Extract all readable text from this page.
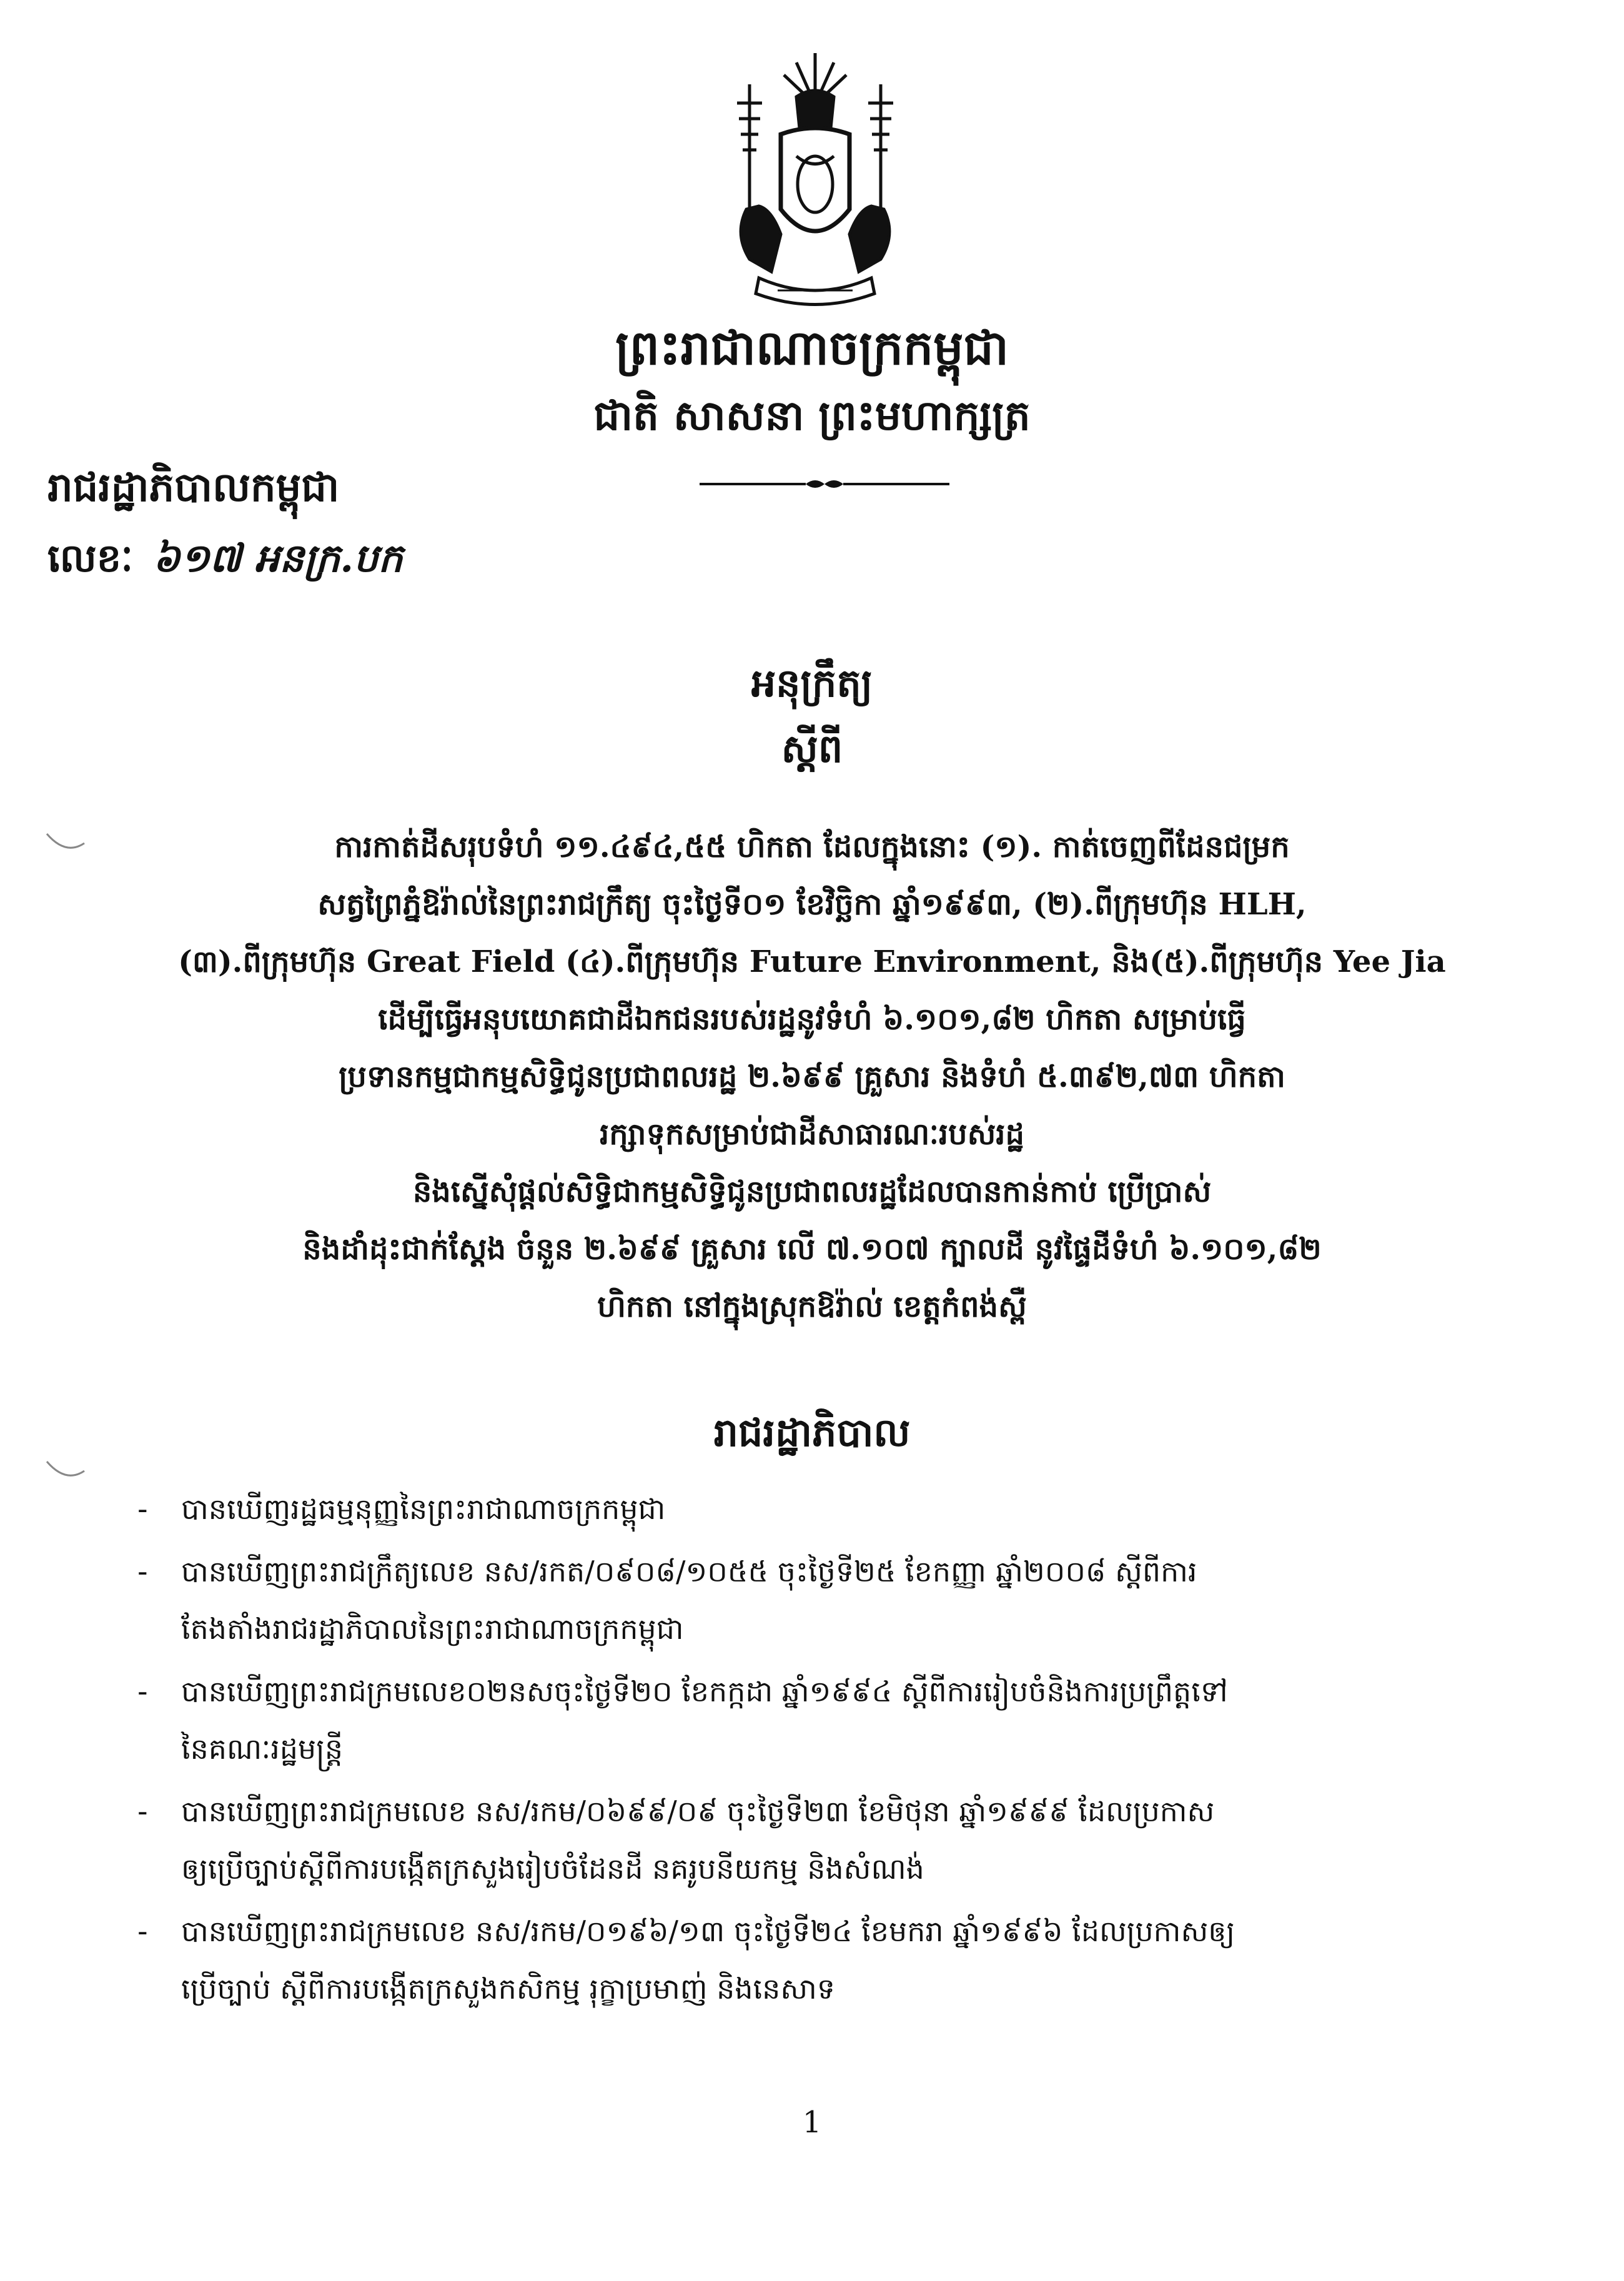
ព្រះរាជាណាចក្រកម្ពុជា
ជាតិ សាសនា ព្រះមហាក្សត្រ
រាជរដ្ឋាភិបាលកម្ពុជា
លេខៈ ៦១៧ អនក្រ.បក
អនុក្រឹត្យ
ស្តីពី
ការកាត់ដីសរុបទំហំ ១១.៤៩៤,៥៥ ហិកតា ដែលក្នុងនោះ (១). កាត់ចេញពីដែនជម្រក
សត្វព្រៃភ្នំឱរ៉ាល់នៃព្រះរាជក្រឹត្យ ចុះថ្ងៃទី០១ ខែវិច្ឆិកា ឆ្នាំ១៩៩៣, (២).ពីក្រុមហ៊ុន HLH,
(៣).ពីក្រុមហ៊ុន Great Field (៤).ពីក្រុមហ៊ុន Future Environment, និង(៥).ពីក្រុមហ៊ុន Yee Jia
ដើម្បីធ្វើអនុបយោគជាដីឯកជនរបស់រដ្ឋនូវទំហំ ៦.១០១,៨២ ហិកតា សម្រាប់ធ្វើ
ប្រទានកម្មជាកម្មសិទ្ធិជូនប្រជាពលរដ្ឋ ២.៦៩៩ គ្រួសារ និងទំហំ ៥.៣៩២,៧៣ ហិកតា
រក្សាទុកសម្រាប់ជាដីសាធារណៈរបស់រដ្ឋ
និងស្នើសុំផ្តល់សិទ្ធិជាកម្មសិទ្ធិជូនប្រជាពលរដ្ឋដែលបានកាន់កាប់ ប្រើប្រាស់
និងដាំដុះជាក់ស្តែង ចំនួន ២.៦៩៩ គ្រួសារ លើ ៧.១០៧ ក្បាលដី នូវផ្ទៃដីទំហំ ៦.១០១,៨២
ហិកតា នៅក្នុងស្រុកឱរ៉ាល់ ខេត្តកំពង់ស្ពឺ
រាជរដ្ឋាភិបាល
- បានឃើញរដ្ឋធម្មនុញ្ញនៃព្រះរាជាណាចក្រកម្ពុជា
- បានឃើញព្រះរាជក្រឹត្យលេខ នស/រកត/០៩០៨/១០៥៥ ចុះថ្ងៃទី២៥ ខែកញ្ញា ឆ្នាំ២០០៨ ស្តីពីការ
តែងតាំងរាជរដ្ឋាភិបាលនៃព្រះរាជាណាចក្រកម្ពុជា
- បានឃើញព្រះរាជក្រមលេខ០២នសចុះថ្ងៃទី២០ ខែកក្កដា ឆ្នាំ១៩៩៤ ស្តីពីការរៀបចំនិងការប្រព្រឹត្តទៅ
នៃគណៈរដ្ឋមន្ត្រី
- បានឃើញព្រះរាជក្រមលេខ នស/រកម/០៦៩៩/០៩ ចុះថ្ងៃទី២៣ ខែមិថុនា ឆ្នាំ១៩៩៩ ដែលប្រកាស
ឲ្យប្រើច្បាប់ស្តីពីការបង្កើតក្រសួងរៀបចំដែនដី នគរូបនីយកម្ម និងសំណង់
- បានឃើញព្រះរាជក្រមលេខ នស/រកម/០១៩៦/១៣ ចុះថ្ងៃទី២៤ ខែមករា ឆ្នាំ១៩៩៦ ដែលប្រកាសឲ្យ
ប្រើច្បាប់ ស្តីពីការបង្កើតក្រសួងកសិកម្ម រុក្ខាប្រមាញ់ និងនេសាទ
1
